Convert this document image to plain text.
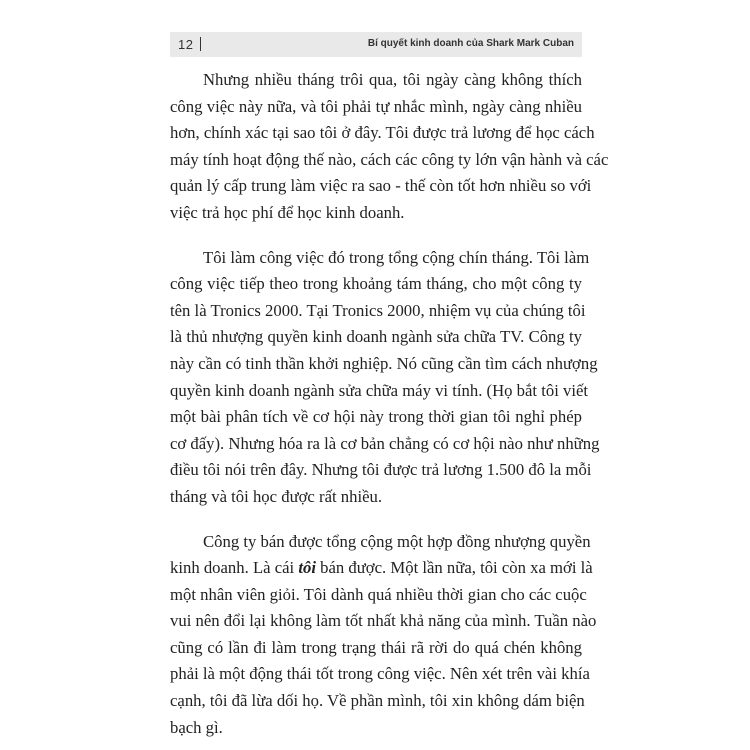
12	Bí quyết kinh doanh của Shark Mark Cuban

Nhưng nhiều tháng trôi qua, tôi ngày càng không thích
công việc này nữa, và tôi phải tự nhắc mình, ngày càng nhiều
hơn, chính xác tại sao tôi ở đây. Tôi được trả lương để học cách
máy tính hoạt động thế nào, cách các công ty lớn vận hành và các
quản lý cấp trung làm việc ra sao - thế còn tốt hơn nhiều so với
việc trả học phí để học kinh doanh.

Tôi làm công việc đó trong tổng cộng chín tháng. Tôi làm
công việc tiếp theo trong khoảng tám tháng, cho một công ty
tên là Tronics 2000. Tại Tronics 2000, nhiệm vụ của chúng tôi
là thủ nhượng quyền kinh doanh ngành sửa chữa TV. Công ty
này cần có tinh thần khởi nghiệp. Nó cũng cần tìm cách nhượng
quyền kinh doanh ngành sửa chữa máy vi tính. (Họ bắt tôi viết
một bài phân tích về cơ hội này trong thời gian tôi nghỉ phép
cơ đấy). Nhưng hóa ra là cơ bản chẳng có cơ hội nào như những
điều tôi nói trên đây. Nhưng tôi được trả lương 1.500 đô la mỗi
tháng và tôi học được rất nhiều.

Công ty bán được tổng cộng một hợp đồng nhượng quyền
kinh doanh. Là cái tôi bán được. Một lần nữa, tôi còn xa mới là
một nhân viên giỏi. Tôi dành quá nhiều thời gian cho các cuộc
vui nên đổi lại không làm tốt nhất khả năng của mình. Tuần nào
cũng có lần đi làm trong trạng thái rã rời do quá chén không
phải là một động thái tốt trong công việc. Nên xét trên vài khía
cạnh, tôi đã lừa dối họ. Về phần mình, tôi xin không dám biện
bạch gì.
